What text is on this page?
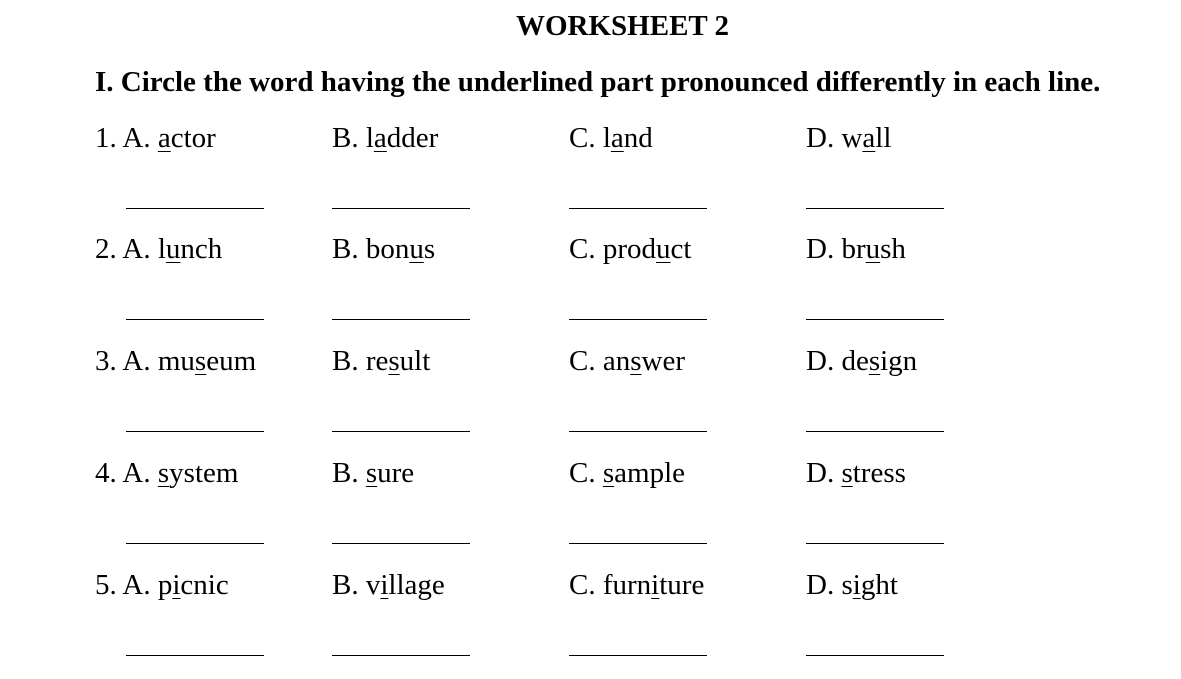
WORKSHEET 2
I. Circle the word having the underlined part pronounced differently in each line.
1. A. actor	B. ladder	C. land	D. wall
2. A. lunch	B. bonus	C. product	D. brush
3. A. museum	B. result	C. answer	D. design
4. A. system	B. sure	C. sample	D. stress
5. A. picnic	B. village	C. furniture	D. sight
